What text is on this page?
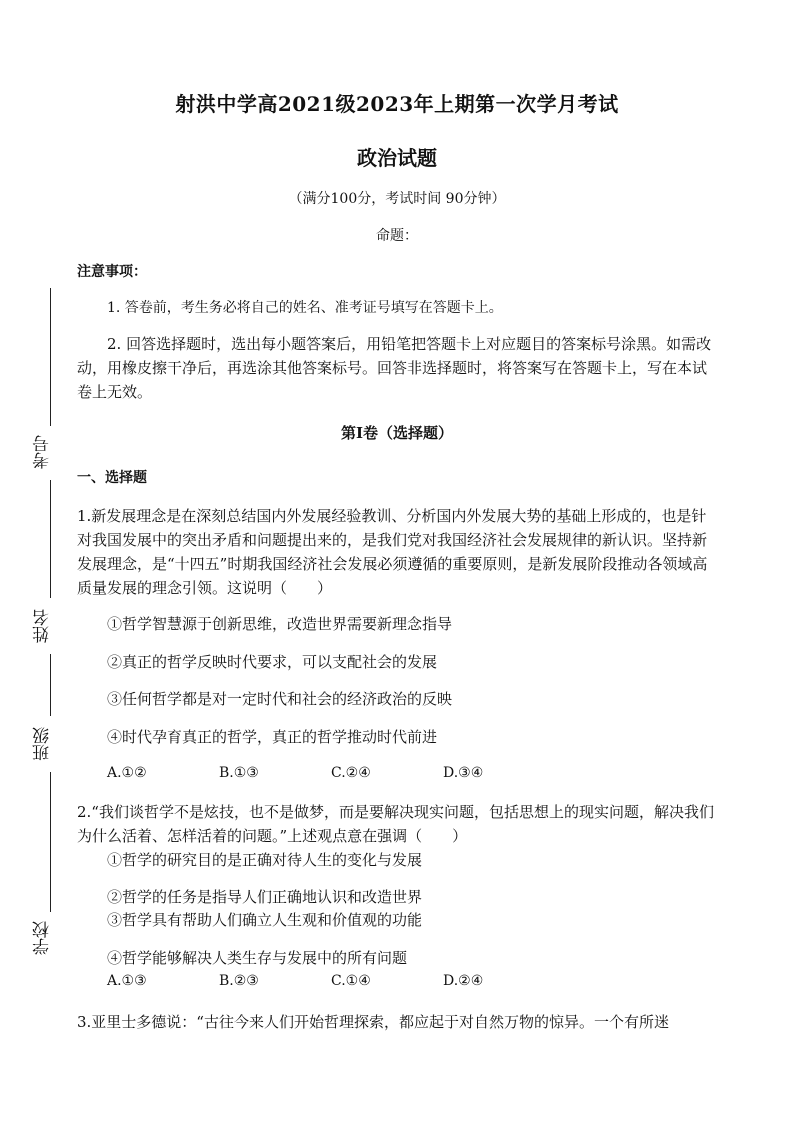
考号
姓名
班级
学校
射洪中学高2021级2023年上期第一次学月考试
政治试题
（满分100分，考试时间 90分钟）
命题：
注意事项：
1. 答卷前，考生务必将自己的姓名、准考证号填写在答题卡上。
2. 回答选择题时，选出每小题答案后，用铅笔把答题卡上对应题目的答案标号涂黑。如需改动，用橡皮擦干净后，再选涂其他答案标号。回答非选择题时，将答案写在答题卡上，写在本试卷上无效。
第Ⅰ卷（选择题）
一、选择题
1.新发展理念是在深刻总结国内外发展经验教训、分析国内外发展大势的基础上形成的，也是针对我国发展中的突出矛盾和问题提出来的，是我们党对我国经济社会发展规律的新认识。坚持新发展理念，是“十四五”时期我国经济社会发展必须遵循的重要原则，是新发展阶段推动各领域高质量发展的理念引领。这说明（　　）
①哲学智慧源于创新思维，改造世界需要新理念指导
②真正的哲学反映时代要求，可以支配社会的发展
③任何哲学都是对一定时代和社会的经济政治的反映
④时代孕育真正的哲学，真正的哲学推动时代前进
A.①②	B.①③	C.②④	D.③④
2.“我们谈哲学不是炫技，也不是做梦，而是要解决现实问题，包括思想上的现实问题，解决我们为什么活着、怎样活着的问题。”上述观点意在强调（　　）
①哲学的研究目的是正确对待人生的变化与发展
②哲学的任务是指导人们正确地认识和改造世界
③哲学具有帮助人们确立人生观和价值观的功能
④哲学能够解决人类生存与发展中的所有问题
A.①③	B.②③	C.①④	D.②④
3.亚里士多德说：“古往今来人们开始哲理探索，都应起于对自然万物的惊异。一个有所迷
